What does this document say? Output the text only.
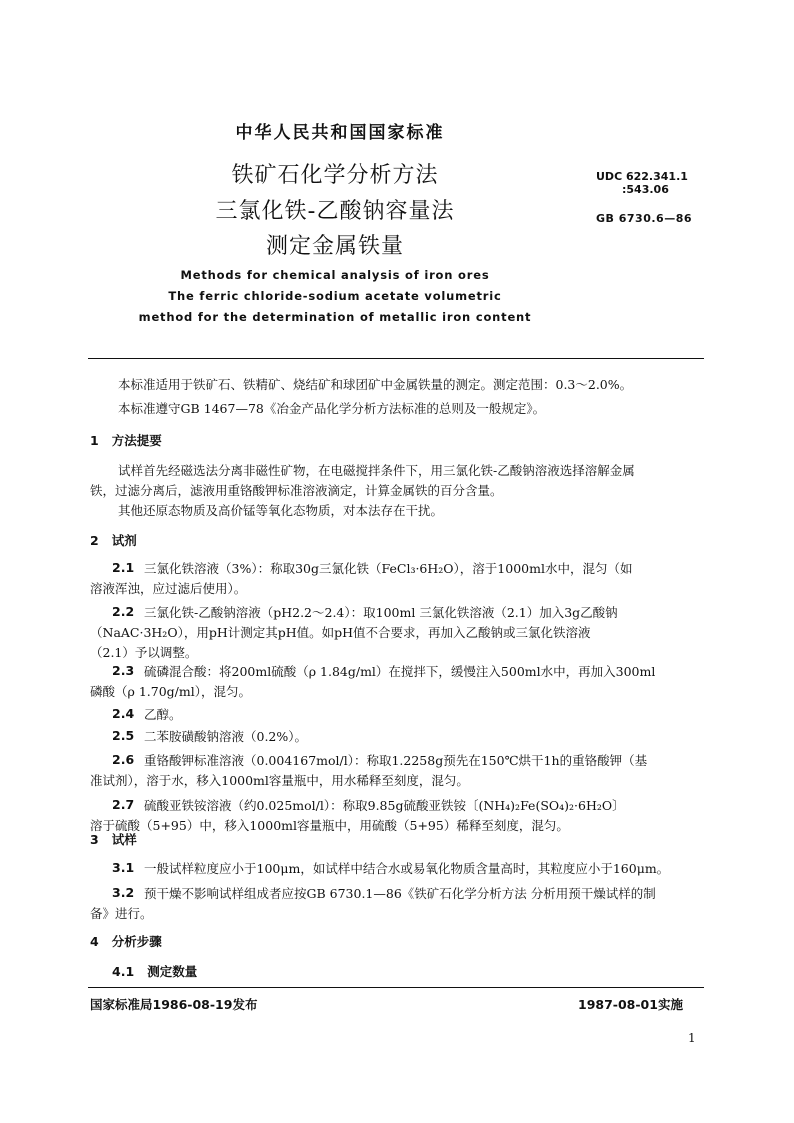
中华人民共和国国家标准
铁矿石化学分析方法
三氯化铁-乙酸钠容量法
测定金属铁量
UDC 622.341.1
:543.06
GB 6730.6—86
Methods for chemical analysis of iron ores
The ferric chloride-sodium acetate volumetric
method for the determination of metallic iron content
本标准适用于铁矿石、铁精矿、烧结矿和球团矿中金属铁量的测定。测定范围：0.3～2.0%。
本标准遵守GB 1467—78《冶金产品化学分析方法标准的总则及一般规定》。
1 方法提要
试样首先经磁选法分离非磁性矿物，在电磁搅拌条件下，用三氯化铁-乙酸钠溶液选择溶解金属
铁，过滤分离后，滤液用重铬酸钾标准溶液滴定，计算金属铁的百分含量。
其他还原态物质及高价锰等氧化态物质，对本法存在干扰。
2 试剂
2.1 三氯化铁溶液（3%）：称取30g三氯化铁（FeCl₃·6H₂O），溶于1000ml水中，混匀（如
溶液浑浊，应过滤后使用）。
2.2 三氯化铁-乙酸钠溶液（pH2.2～2.4）：取100ml 三氯化铁溶液（2.1）加入3g乙酸钠
（NaAC·3H₂O），用pH计测定其pH值。如pH值不合要求，再加入乙酸钠或三氯化铁溶液
（2.1）予以调整。
2.3 硫磷混合酸：将200ml硫酸（ρ 1.84g/ml）在搅拌下，缓慢注入500ml水中，再加入300ml
磷酸（ρ 1.70g/ml），混匀。
2.4 乙醇。
2.5 二苯胺磺酸钠溶液（0.2%）。
2.6 重铬酸钾标准溶液（0.004167mol/l）：称取1.2258g预先在150℃烘干1h的重铬酸钾（基
准试剂），溶于水，移入1000ml容量瓶中，用水稀释至刻度，混匀。
2.7 硫酸亚铁铵溶液（约0.025mol/l）：称取9.85g硫酸亚铁铵〔(NH₄)₂Fe(SO₄)₂·6H₂O〕
溶于硫酸（5+95）中，移入1000ml容量瓶中，用硫酸（5+95）稀释至刻度，混匀。
3 试样
3.1 一般试样粒度应小于100μm，如试样中结合水或易氧化物质含量高时，其粒度应小于160μm。
3.2 预干燥不影响试样组成者应按GB 6730.1—86《铁矿石化学分析方法 分析用预干燥试样的制
备》进行。
4 分析步骤
4.1 测定数量
国家标准局1986-08-19发布	1987-08-01实施
1
